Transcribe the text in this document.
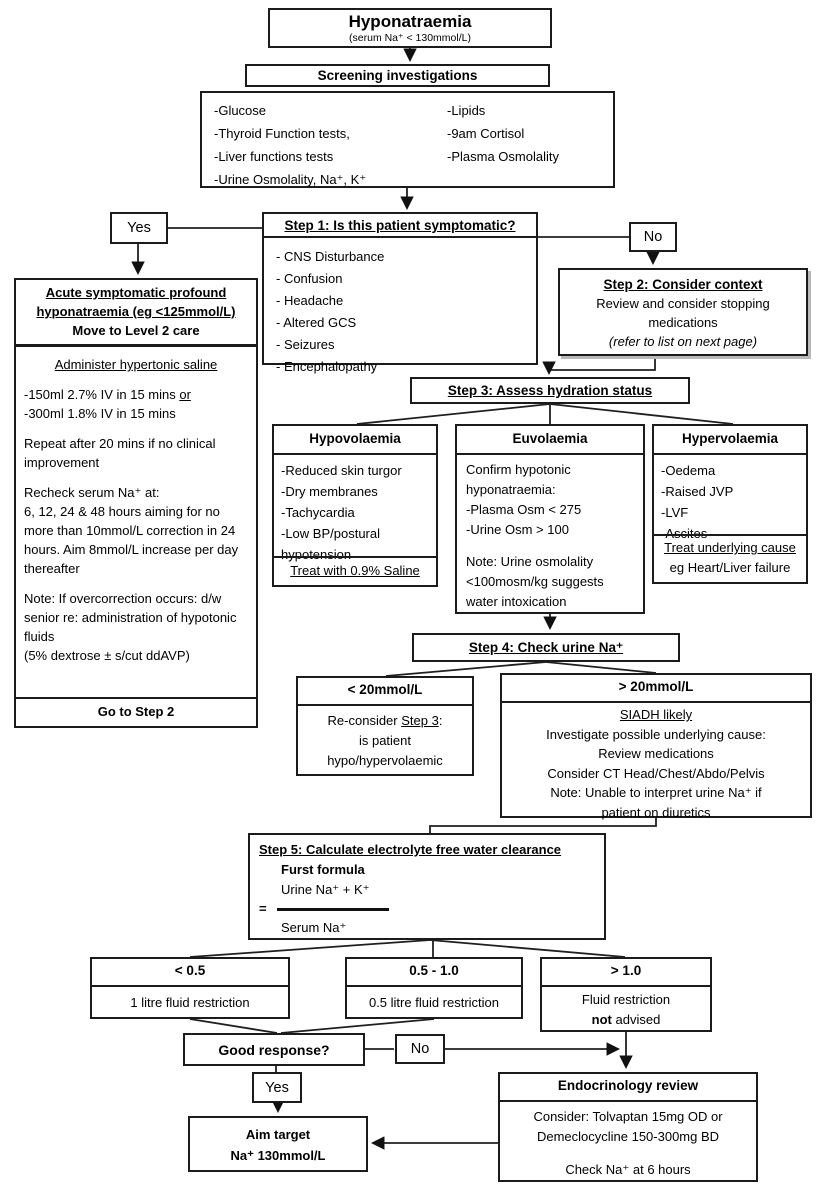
Hyponatraemia
(serum Na⁺ < 130mmol/L)
Screening investigations
-Glucose
-Thyroid Function tests,
-Liver functions tests
-Urine Osmolality, Na⁺, K⁺
-Lipids
-9am Cortisol
-Plasma Osmolality
Step 1: Is this patient symptomatic?
- CNS Disturbance
- Confusion
- Headache
- Altered GCS
- Seizures
- Encephalopathy
Yes
No
Acute symptomatic profound
hyponatraemia (eg <125mmol/L)
Move to Level 2 care
Administer hypertonic saline
-150ml 2.7% IV in 15 mins or
-300ml 1.8% IV in 15 mins
Repeat after 20 mins if no clinical improvement
Recheck serum Na⁺ at:
6, 12, 24 & 48 hours aiming for no more than 10mmol/L correction in 24 hours. Aim 8mmol/L increase per day thereafter
Note: If overcorrection occurs: d/w senior re: administration of hypotonic fluids
(5% dextrose ± s/cut ddAVP)
Go to Step 2
Step 2: Consider context
Review and consider stopping
medications
(refer to list on next page)
Step 3: Assess hydration status
Hypovolaemia
-Reduced skin turgor
-Dry membranes
-Tachycardia
-Low BP/postural hypotension
Treat with 0.9% Saline
Euvolaemia
Confirm hypotonic
hyponatraemia:
-Plasma Osm < 275
-Urine Osm > 100
Note: Urine osmolality <100mosm/kg suggests water intoxication
Hypervolaemia
-Oedema
-Raised JVP
-LVF
-Ascites
Treat underlying cause
eg Heart/Liver failure
Step 4: Check urine Na⁺
< 20mmol/L
Re-consider Step 3:
is patient
hypo/hypervolaemic
> 20mmol/L
SIADH likely
Investigate possible underlying cause:
Review medications
Consider CT Head/Chest/Abdo/Pelvis
Note: Unable to interpret urine Na⁺ if
patient on diuretics
Step 5: Calculate electrolyte free water clearance
Furst formula
Urine Na⁺ + K⁺
=
Serum Na⁺
< 0.5
1 litre fluid restriction
0.5 - 1.0
0.5 litre fluid restriction
> 1.0
Fluid restriction
not advised
Good response?	No
Yes
Aim target
Na⁺ 130mmol/L
Endocrinology review
Consider: Tolvaptan 15mg OD or
Demeclocycline 150-300mg BD
Check Na⁺ at 6 hours
